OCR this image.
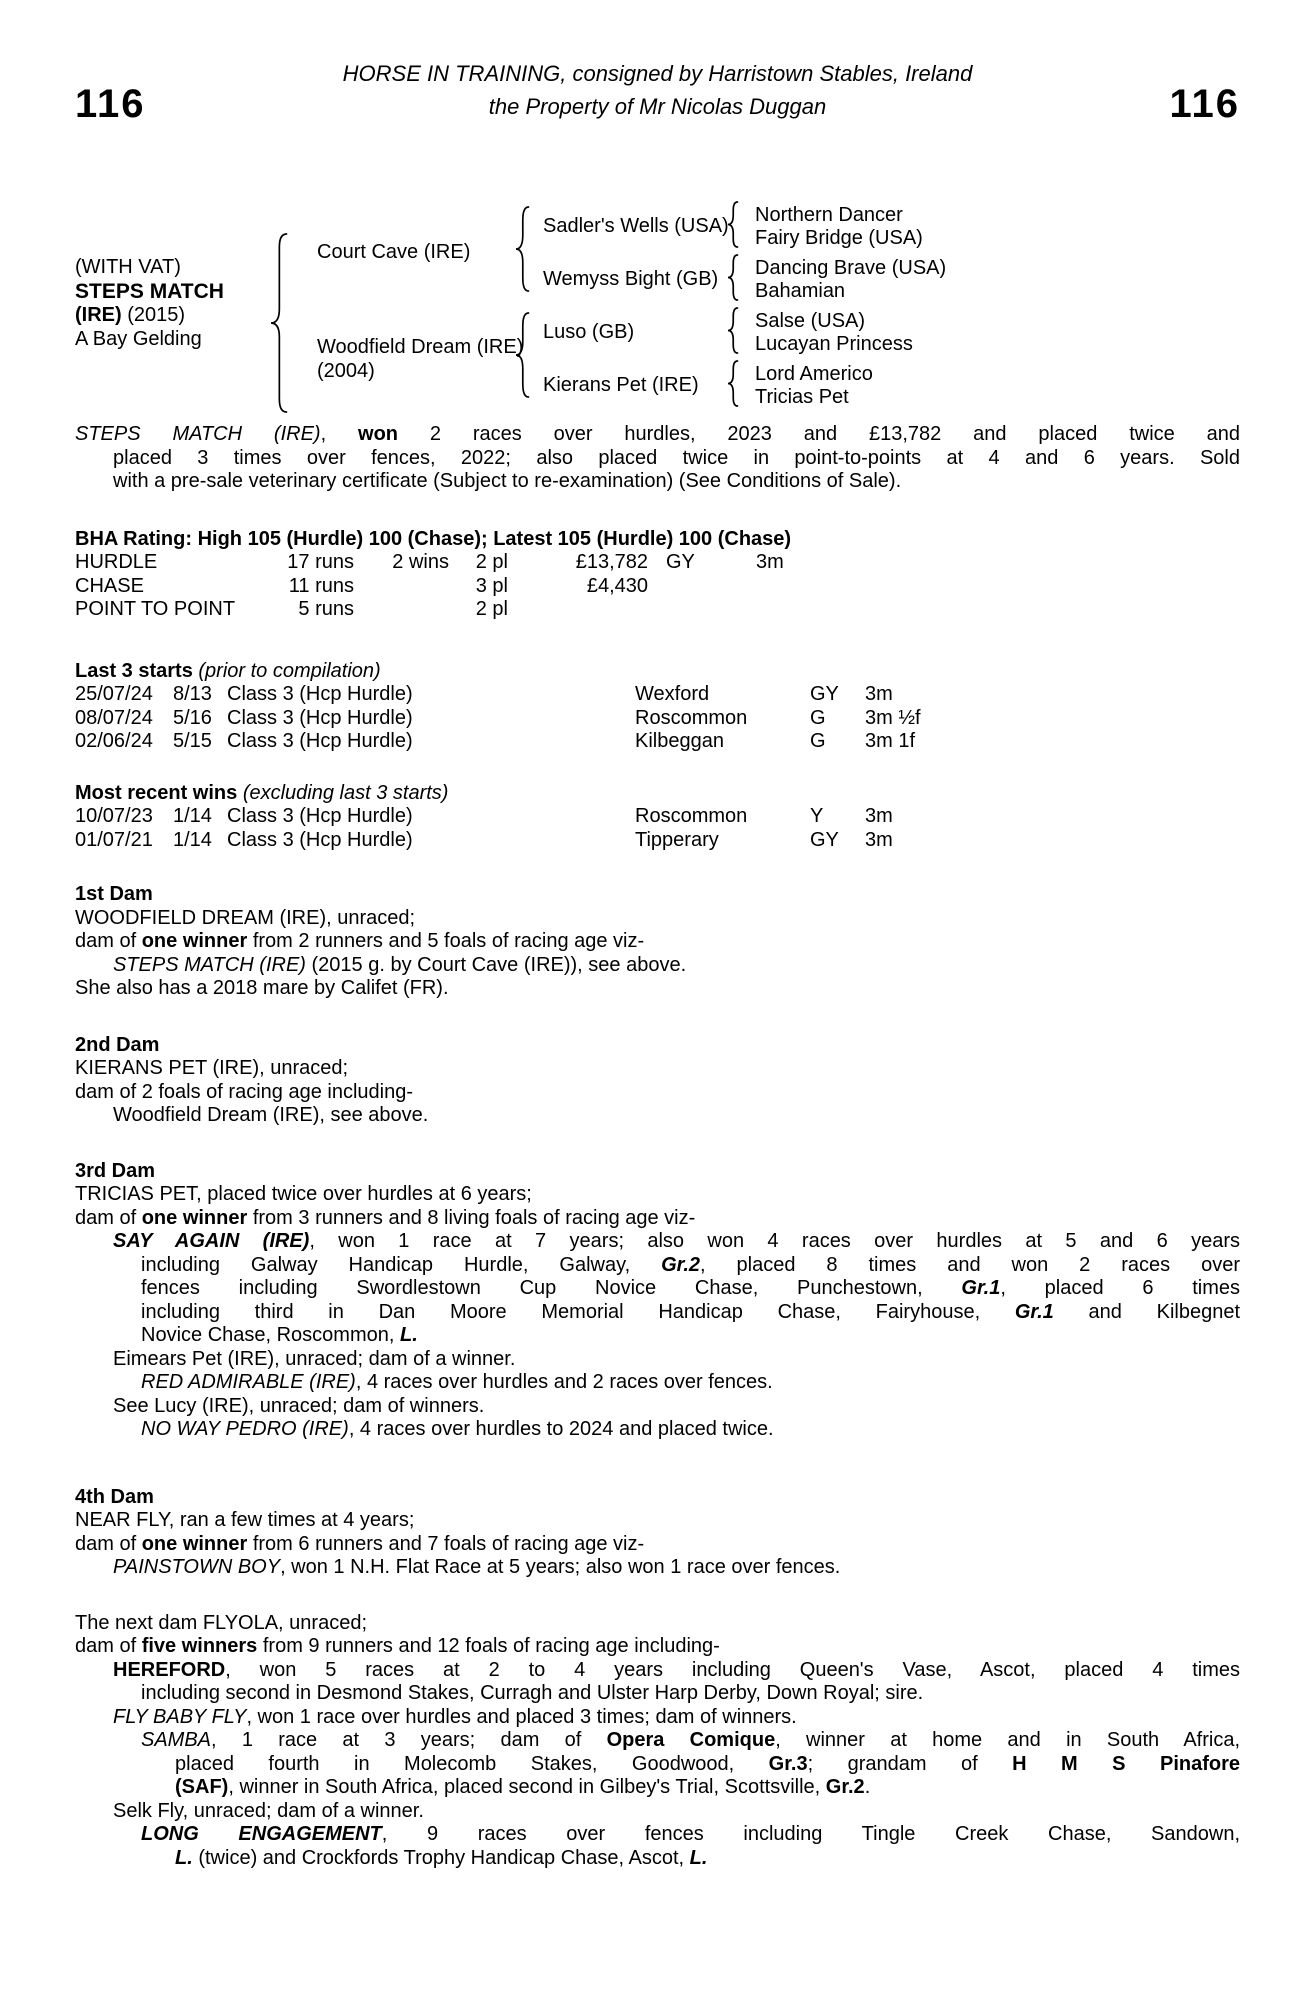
HORSE IN TRAINING, consigned by Harristown Stables, Ireland
116	the Property of Mr Nicolas Duggan	116
(WITH VAT)
STEPS MATCH
(IRE) (2015)
A Bay Gelding
Court Cave (IRE)
Woodfield Dream (IRE)
(2004)
Sadler's Wells (USA)
Wemyss Bight (GB)
Luso (GB)
Kierans Pet (IRE)
Northern Dancer
Fairy Bridge (USA)
Dancing Brave (USA)
Bahamian
Salse (USA)
Lucayan Princess
Lord Americo
Tricias Pet
STEPS MATCH (IRE), won 2 races over hurdles, 2023 and £13,782 and placed twice and
placed 3 times over fences, 2022; also placed twice in point-to-points at 4 and 6 years. Sold
with a pre-sale veterinary certificate (Subject to re-examination) (See Conditions of Sale).
BHA Rating: High 105 (Hurdle) 100 (Chase); Latest 105 (Hurdle) 100 (Chase)
HURDLE	17 runs	2 wins	2 pl	£13,782 GY	3m
CHASE	11 runs	3 pl	£4,430
POINT TO POINT	5 runs	2 pl
Last 3 starts (prior to compilation)
25/07/24	8/13 Class 3 (Hcp Hurdle)	Wexford	GY	3m
08/07/24	5/16 Class 3 (Hcp Hurdle)	Roscommon	G	3m ½f
02/06/24	5/15 Class 3 (Hcp Hurdle)	Kilbeggan	G	3m 1f
Most recent wins (excluding last 3 starts)
10/07/23	1/14 Class 3 (Hcp Hurdle)	Roscommon	Y	3m
01/07/21	1/14 Class 3 (Hcp Hurdle)	Tipperary	GY	3m
1st Dam
WOODFIELD DREAM (IRE), unraced;
dam of one winner from 2 runners and 5 foals of racing age viz-
STEPS MATCH (IRE) (2015 g. by Court Cave (IRE)), see above.
She also has a 2018 mare by Califet (FR).
2nd Dam
KIERANS PET (IRE), unraced;
dam of 2 foals of racing age including-
Woodfield Dream (IRE), see above.
3rd Dam
TRICIAS PET, placed twice over hurdles at 6 years;
dam of one winner from 3 runners and 8 living foals of racing age viz-
SAY AGAIN (IRE), won 1 race at 7 years; also won 4 races over hurdles at 5 and 6 years
including Galway Handicap Hurdle, Galway, Gr.2, placed 8 times and won 2 races over
fences including Swordlestown Cup Novice Chase, Punchestown, Gr.1, placed 6 times
including third in Dan Moore Memorial Handicap Chase, Fairyhouse, Gr.1 and Kilbegnet
Novice Chase, Roscommon, L.
Eimears Pet (IRE), unraced; dam of a winner.
RED ADMIRABLE (IRE), 4 races over hurdles and 2 races over fences.
See Lucy (IRE), unraced; dam of winners.
NO WAY PEDRO (IRE), 4 races over hurdles to 2024 and placed twice.
4th Dam
NEAR FLY, ran a few times at 4 years;
dam of one winner from 6 runners and 7 foals of racing age viz-
PAINSTOWN BOY, won 1 N.H. Flat Race at 5 years; also won 1 race over fences.
The next dam FLYOLA, unraced;
dam of five winners from 9 runners and 12 foals of racing age including-
HEREFORD, won 5 races at 2 to 4 years including Queen's Vase, Ascot, placed 4 times
including second in Desmond Stakes, Curragh and Ulster Harp Derby, Down Royal; sire.
FLY BABY FLY, won 1 race over hurdles and placed 3 times; dam of winners.
SAMBA, 1 race at 3 years; dam of Opera Comique, winner at home and in South Africa,
placed fourth in Molecomb Stakes, Goodwood, Gr.3; grandam of H M S Pinafore
(SAF), winner in South Africa, placed second in Gilbey's Trial, Scottsville, Gr.2.
Selk Fly, unraced; dam of a winner.
LONG ENGAGEMENT, 9 races over fences including Tingle Creek Chase, Sandown,
L. (twice) and Crockfords Trophy Handicap Chase, Ascot, L.
